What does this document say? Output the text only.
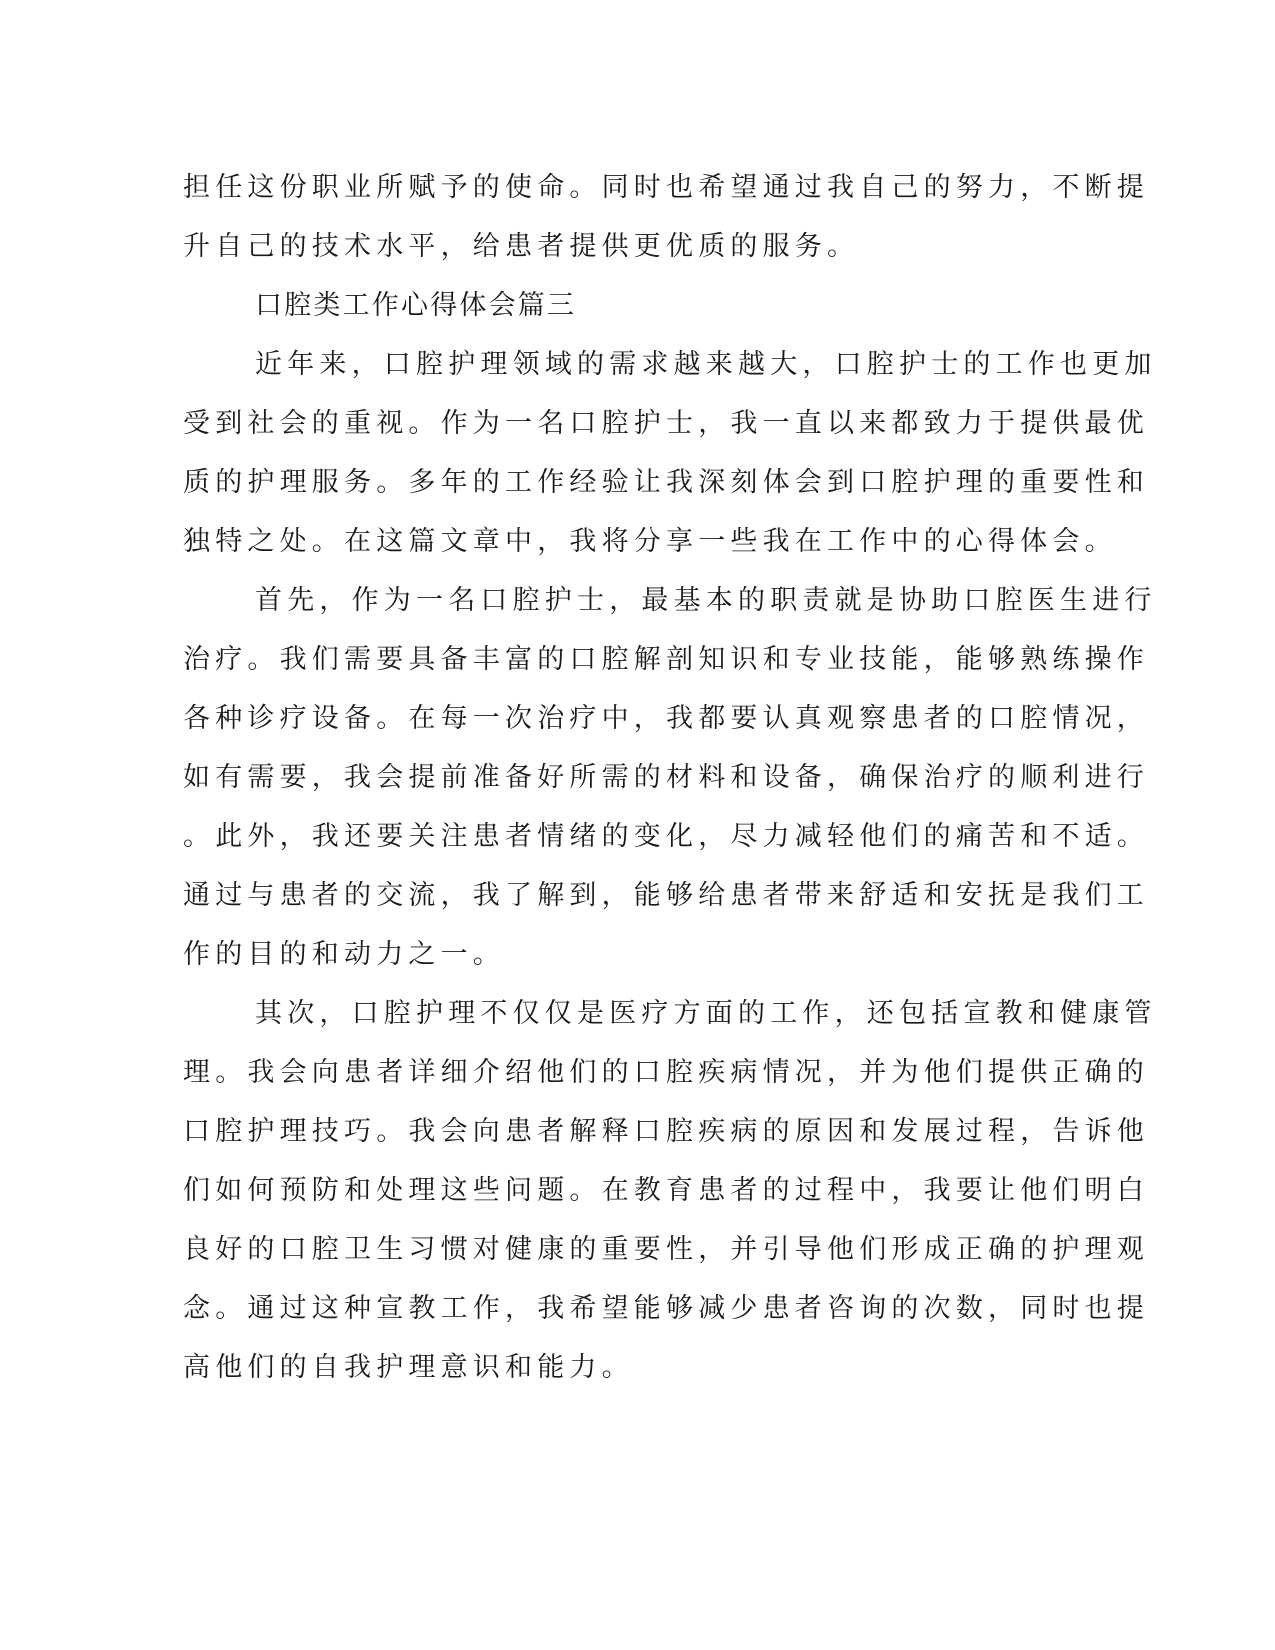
担任这份职业所赋予的使命。同时也希望通过我自己的努力，不断提
升自己的技术水平，给患者提供更优质的服务。
口腔类工作心得体会篇三
近年来，口腔护理领域的需求越来越大，口腔护士的工作也更加
受到社会的重视。作为一名口腔护士，我一直以来都致力于提供最优
质的护理服务。多年的工作经验让我深刻体会到口腔护理的重要性和
独特之处。在这篇文章中，我将分享一些我在工作中的心得体会。
首先，作为一名口腔护士，最基本的职责就是协助口腔医生进行
治疗。我们需要具备丰富的口腔解剖知识和专业技能，能够熟练操作
各种诊疗设备。在每一次治疗中，我都要认真观察患者的口腔情况，
如有需要，我会提前准备好所需的材料和设备，确保治疗的顺利进行
。此外，我还要关注患者情绪的变化，尽力减轻他们的痛苦和不适。
通过与患者的交流，我了解到，能够给患者带来舒适和安抚是我们工
作的目的和动力之一。
其次，口腔护理不仅仅是医疗方面的工作，还包括宣教和健康管
理。我会向患者详细介绍他们的口腔疾病情况，并为他们提供正确的
口腔护理技巧。我会向患者解释口腔疾病的原因和发展过程，告诉他
们如何预防和处理这些问题。在教育患者的过程中，我要让他们明白
良好的口腔卫生习惯对健康的重要性，并引导他们形成正确的护理观
念。通过这种宣教工作，我希望能够减少患者咨询的次数，同时也提
高他们的自我护理意识和能力。
